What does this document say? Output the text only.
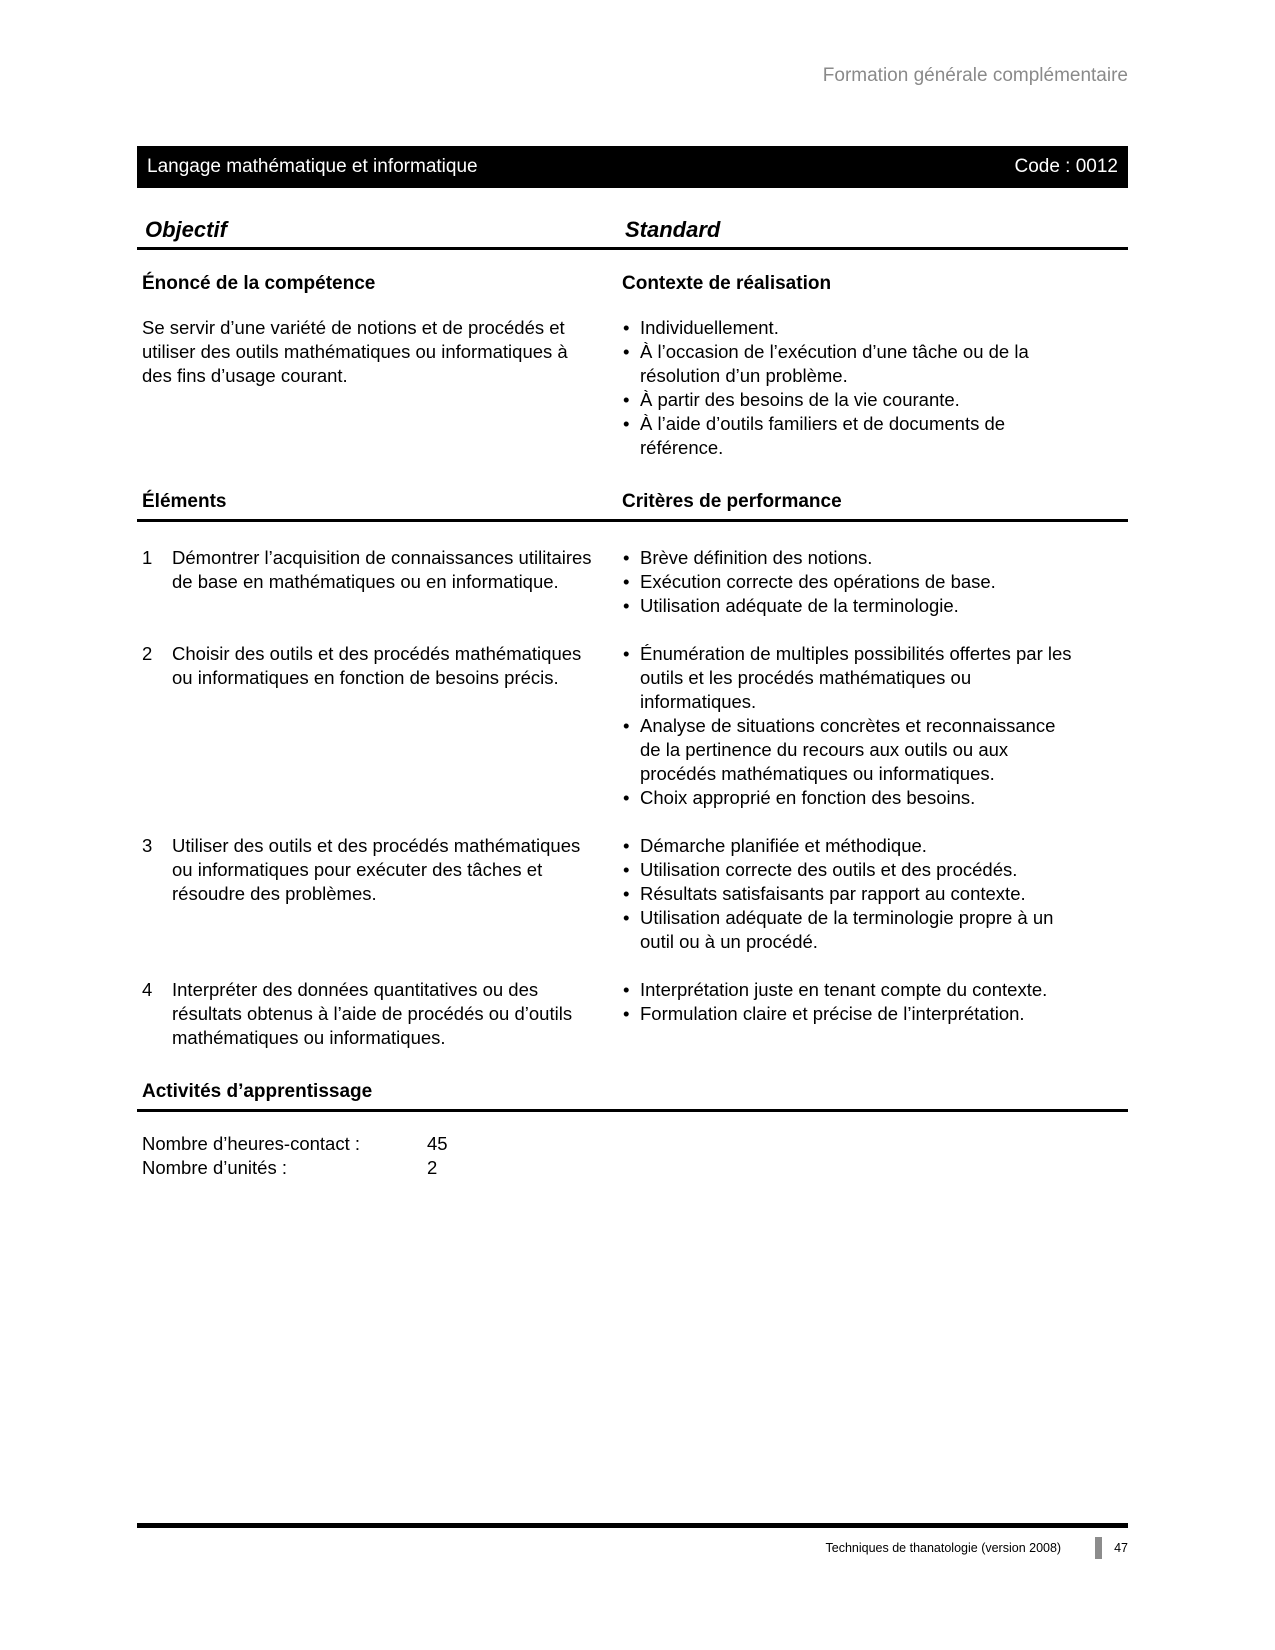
Formation générale complémentaire
Langage mathématique et informatique	Code : 0012
Objectif	Standard
Énoncé de la compétence	Contexte de réalisation
Se servir d’une variété de notions et de procédés et utiliser des outils mathématiques ou informatiques à des fins d’usage courant.
• Individuellement.
• À l’occasion de l’exécution d’une tâche ou de la résolution d’un problème.
• À partir des besoins de la vie courante.
• À l’aide d’outils familiers et de documents de référence.
Éléments	Critères de performance
1	Démontrer l’acquisition de connaissances utilitaires de base en mathématiques ou en informatique.
• Brève définition des notions.
• Exécution correcte des opérations de base.
• Utilisation adéquate de la terminologie.
2	Choisir des outils et des procédés mathématiques ou informatiques en fonction de besoins précis.
• Énumération de multiples possibilités offertes par les outils et les procédés mathématiques ou informatiques.
• Analyse de situations concrètes et reconnaissance de la pertinence du recours aux outils ou aux procédés mathématiques ou informatiques.
• Choix approprié en fonction des besoins.
3	Utiliser des outils et des procédés mathématiques ou informatiques pour exécuter des tâches et résoudre des problèmes.
• Démarche planifiée et méthodique.
• Utilisation correcte des outils et des procédés.
• Résultats satisfaisants par rapport au contexte.
• Utilisation adéquate de la terminologie propre à un outil ou à un procédé.
4	Interpréter des données quantitatives ou des résultats obtenus à l’aide de procédés ou d’outils mathématiques ou informatiques.
• Interprétation juste en tenant compte du contexte.
• Formulation claire et précise de l’interprétation.
Activités d’apprentissage
Nombre d’heures-contact :	45
Nombre d’unités :	2
Techniques de thanatologie (version 2008)	47
